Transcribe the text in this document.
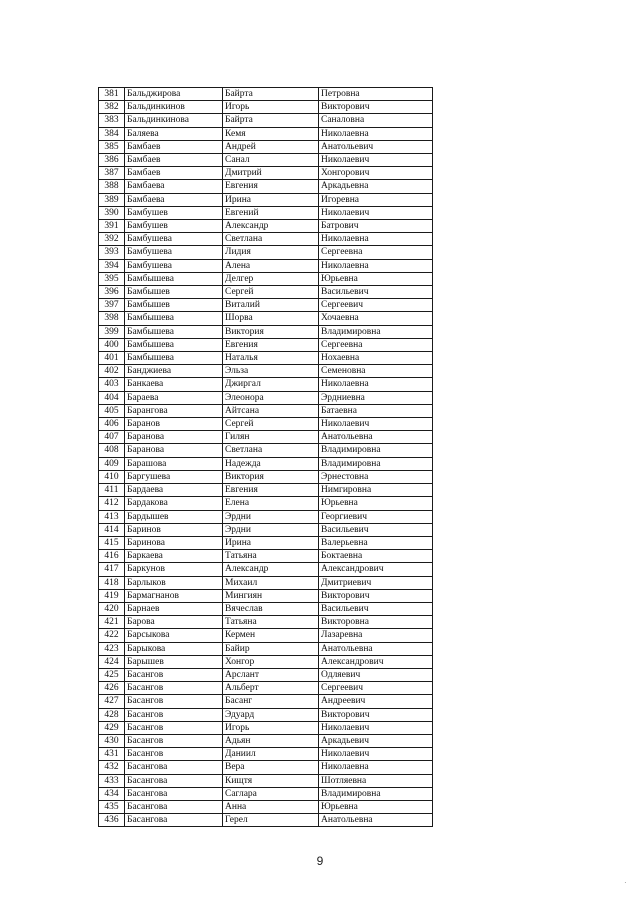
381	Бальджирова	Байрта	Петровна
382	Бальдинкинов	Игорь	Викторович
383	Бальдинкинова	Байрта	Саналовна
384	Баляева	Кемя	Николаевна
385	Бамбаев	Андрей	Анатольевич
386	Бамбаев	Санал	Николаевич
387	Бамбаев	Дмитрий	Хонгорович
388	Бамбаева	Евгения	Аркадьевна
389	Бамбаева	Ирина	Игоревна
390	Бамбушев	Евгений	Николаевич
391	Бамбушев	Александр	Батрович
392	Бамбушева	Светлана	Николаевна
393	Бамбушева	Лидия	Сергеевна
394	Бамбушева	Алена	Николаевна
395	Бамбышева	Делгер	Юрьевна
396	Бамбышев	Сергей	Васильевич
397	Бамбышев	Виталий	Сергеевич
398	Бамбышева	Шорва	Хочаевна
399	Бамбышева	Виктория	Владимировна
400	Бамбышева	Евгения	Сергеевна
401	Бамбышева	Наталья	Нохаевна
402	Банджиева	Эльза	Семеновна
403	Банкаева	Джиргал	Николаевна
404	Бараева	Элеонора	Эрдниевна
405	Барангова	Айтсана	Батаевна
406	Баранов	Сергей	Николаевич
407	Баранова	Гилян	Анатольевна
408	Баранова	Светлана	Владимировна
409	Барашова	Надежда	Владимировна
410	Баргушева	Виктория	Эрнестовна
411	Бардаева	Евгения	Нимгировна
412	Бардакова	Елена	Юрьевна
413	Бардышев	Эрдни	Георгиевич
414	Баринов	Эрдни	Васильевич
415	Баринова	Ирина	Валерьевна
416	Баркаева	Татьяна	Боктаевна
417	Баркунов	Александр	Александрович
418	Барлыков	Михаил	Дмитриевич
419	Бармагнанов	Мингиян	Викторович
420	Барнаев	Вячеслав	Васильевич
421	Барова	Татьяна	Викторовна
422	Барсыкова	Кермен	Лазаревна
423	Барыкова	Байир	Анатольевна
424	Барышев	Хонгор	Александрович
425	Басангов	Арслант	Одляевич
426	Басангов	Альберт	Сергеевич
427	Басангов	Басанг	Андреевич
428	Басангов	Эдуард	Викторович
429	Басангов	Игорь	Николаевич
430	Басангов	Адьян	Аркадьевич
431	Басангов	Даниил	Николаевич
432	Басангова	Вера	Николаевна
433	Басангова	Кищтя	Шотляевна
434	Басангова	Саглара	Владимировна
435	Басангова	Анна	Юрьевна
436	Басангова	Герел	Анатольевна
9
·
